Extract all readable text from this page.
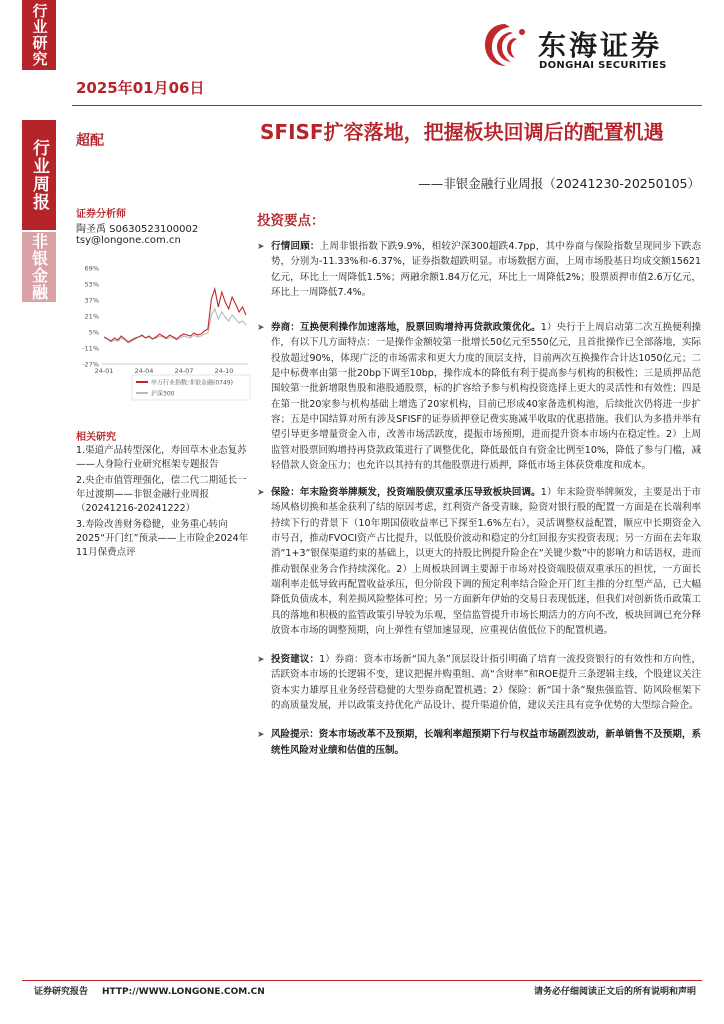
行业研究
行业周报
非银金融
2025年01月06日
东海证券
DONGHAI SECURITIES
超配
证券分析师
陶圣禹 S0630523100002
tsy@longone.com.cn
69%
53%
37%
21%
5%
-11%
-27%
24-01	24-04	24-07	24-10
申万行业指数:非银金融(0749)
沪深300
相关研究
1.渠道产品转型深化，寿回草木业态复苏——人身险行业研究框架专题报告
2.央企市值管理强化，偿二代二期延长一年过渡期——非银金融行业周报（20241216-20241222）
3.寿险改善财务稳健，业务重心转向2025“开门红”预录——上市险企2024年11月保费点评
SFISF扩容落地，把握板块回调后的配置机遇
——非银金融行业周报（20241230-20250105）
投资要点：
➤ 行情回顾：上周非银指数下跌9.9%，相较沪深300超跌4.7pp，其中券商与保险指数呈现同步下跌态势，分别为-11.33%和-6.37%，证券指数超跌明显。市场数据方面，上周市场股基日均成交额15621亿元，环比上一周降低1.5%；两融余额1.84万亿元，环比上一周降低2%；股票质押市值2.6万亿元，环比上一周降低7.4%。
➤ 券商：互换便利操作加速落地，股票回购增持再贷款政策优化。1）央行于上周启动第二次互换便利操作，有以下几方面特点：一是操作金额较第一批增长50亿元至550亿元，且首批操作已全部落地，实际投放超过90%，体现广泛的市场需求和更大力度的顶层支持，目前两次互换操作合计达1050亿元；二是中标费率由第一批20bp下调至10bp，操作成本的降低有利于提高参与机构的积极性；三是质押品范围较第一批新增限售股和港股通股票，标的扩容给予参与机构投资选择上更大的灵活性和有效性；四是在第一批20家参与机构基础上增选了20家机构，目前已形成40家备选机构池，后续批次仍将进一步扩容；五是中国结算对所有涉及SFISF的证券质押登记费实施减半收取的优惠措施。我们认为多措并举有望引导更多增量资金入市，改善市场活跃度，提振市场预期，进而提升资本市场内在稳定性。2）上周监管对股票回购增持再贷款政策进行了调整优化，降低最低自有资金比例至10%，降低了参与门槛，减轻借款人资金压力；也允许以其持有的其他股票进行质押，降低市场主体获贷难度和成本。
➤ 保险：年末险资举牌频发，投资端股债双重承压导致板块回调。1）年末险资举牌频发，主要是出于市场风格切换和基金获利了结的原因考虑，红利资产备受青睐，险资对银行股的配置一方面是在长端利率持续下行的背景下（10年期国债收益率已下探至1.6%左右），灵活调整权益配置，顺应中长期资金入市号召，推动FVOCI资产占比提升，以低股价波动和稳定的分红回报夯实投资表现；另一方面在去年取消“1+3”银保渠道约束的基础上，以更大的持股比例提升险企在“关键少数”中的影响力和话语权，进而推动银保业务合作持续深化。2）上周板块回调主要源于市场对投资端股债双重承压的担忧，一方面长端利率走低导致再配置收益承压，但分阶段下调的预定利率结合险企开门红主推的分红型产品，已大幅降低负债成本，利差损风险整体可控；另一方面新年伊始的交易日表现低迷，但我们对创新货币政策工具的落地和积极的监管政策引导较为乐观，坚信监管提升市场长期活力的方向不改，板块回调已充分释放资本市场的调整预期，向上弹性有望加速显现，应重视估值低位下的配置机遇。
➤ 投资建议：1）券商：资本市场新“国九条”顶层设计指引明确了培育一流投资银行的有效性和方向性，活跃资本市场的长逻辑不变，建议把握并购重组、高“含财率”和ROE提升三条逻辑主线，个股建议关注资本实力雄厚且业务经营稳健的大型券商配置机遇；2）保险：新“国十条”聚焦强监管、防风险框架下的高质量发展，并以政策支持优化产品设计、提升渠道价值，建议关注具有竞争优势的大型综合险企。
➤ 风险提示：资本市场改革不及预期，长端利率超预期下行与权益市场剧烈波动，新单销售不及预期，系统性风险对业绩和估值的压制。
证券研究报告 HTTP://WWW.LONGONE.COM.CN	请务必仔细阅读正文后的所有说明和声明
